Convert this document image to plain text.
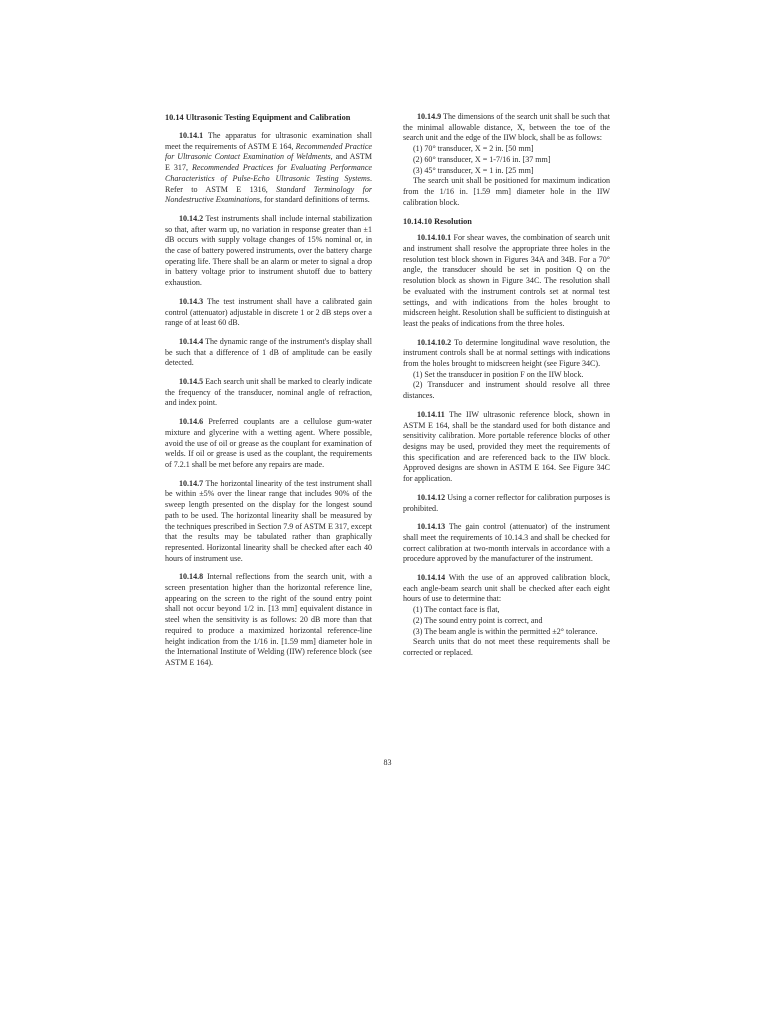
10.14 Ultrasonic Testing Equipment and Calibration

10.14.1 The apparatus for ultrasonic examination shall meet the requirements of ASTM E 164, Recommended Practice for Ultrasonic Contact Examination of Weldments, and ASTM E 317, Recommended Practices for Evaluating Performance Characteristics of Pulse-Echo Ultrasonic Testing Systems. Refer to ASTM E 1316, Standard Terminology for Nondestructive Examinations, for standard definitions of terms.

10.14.2 Test instruments shall include internal stabilization so that, after warm up, no variation in response greater than ±1 dB occurs with supply voltage changes of 15% nominal or, in the case of battery powered instruments, over the battery charge operating life. There shall be an alarm or meter to signal a drop in battery voltage prior to instrument shutoff due to battery exhaustion.

10.14.3 The test instrument shall have a calibrated gain control (attenuator) adjustable in discrete 1 or 2 dB steps over a range of at least 60 dB.

10.14.4 The dynamic range of the instrument's display shall be such that a difference of 1 dB of amplitude can be easily detected.

10.14.5 Each search unit shall be marked to clearly indicate the frequency of the transducer, nominal angle of refraction, and index point.

10.14.6 Preferred couplants are a cellulose gum-water mixture and glycerine with a wetting agent. Where possible, avoid the use of oil or grease as the couplant for examination of welds. If oil or grease is used as the couplant, the requirements of 7.2.1 shall be met before any repairs are made.

10.14.7 The horizontal linearity of the test instrument shall be within ±5% over the linear range that includes 90% of the sweep length presented on the display for the longest sound path to be used. The horizontal linearity shall be measured by the techniques prescribed in Section 7.9 of ASTM E 317, except that the results may be tabulated rather than graphically represented. Horizontal linearity shall be checked after each 40 hours of instrument use.

10.14.8 Internal reflections from the search unit, with a screen presentation higher than the horizontal reference line, appearing on the screen to the right of the sound entry point shall not occur beyond 1/2 in. [13 mm] equivalent distance in steel when the sensitivity is as follows: 20 dB more than that required to produce a maximized horizontal reference-line height indication from the 1/16 in. [1.59 mm] diameter hole in the International Institute of Welding (IIW) reference block (see ASTM E 164).

10.14.9 The dimensions of the search unit shall be such that the minimal allowable distance, X, between the toe of the search unit and the edge of the IIW block, shall be as follows:

(1) 70° transducer, X = 2 in. [50 mm]

(2) 60° transducer, X = 1-7/16 in. [37 mm]

(3) 45° transducer, X = 1 in. [25 mm]

The search unit shall be positioned for maximum indication from the 1/16 in. [1.59 mm] diameter hole in the IIW calibration block.

10.14.10 Resolution

10.14.10.1 For shear waves, the combination of search unit and instrument shall resolve the appropriate three holes in the resolution test block shown in Figures 34A and 34B. For a 70° angle, the transducer should be set in position Q on the resolution block as shown in Figure 34C. The resolution shall be evaluated with the instrument controls set at normal test settings, and with indications from the holes brought to midscreen height. Resolution shall be sufficient to distinguish at least the peaks of indications from the three holes.

10.14.10.2 To determine longitudinal wave resolution, the instrument controls shall be at normal settings with indications from the holes brought to midscreen height (see Figure 34C).

(1) Set the transducer in position F on the IIW block.

(2) Transducer and instrument should resolve all three distances.

10.14.11 The IIW ultrasonic reference block, shown in ASTM E 164, shall be the standard used for both distance and sensitivity calibration. More portable reference blocks of other designs may be used, provided they meet the requirements of this specification and are referenced back to the IIW block. Approved designs are shown in ASTM E 164. See Figure 34C for application.

10.14.12 Using a corner reflector for calibration purposes is prohibited.

10.14.13 The gain control (attenuator) of the instrument shall meet the requirements of 10.14.3 and shall be checked for correct calibration at two-month intervals in accordance with a procedure approved by the manufacturer of the instrument.

10.14.14 With the use of an approved calibration block, each angle-beam search unit shall be checked after each eight hours of use to determine that:

(1) The contact face is flat,

(2) The sound entry point is correct, and

(3) The beam angle is within the permitted ±2° tolerance.

Search units that do not meet these requirements shall be corrected or replaced.

83
